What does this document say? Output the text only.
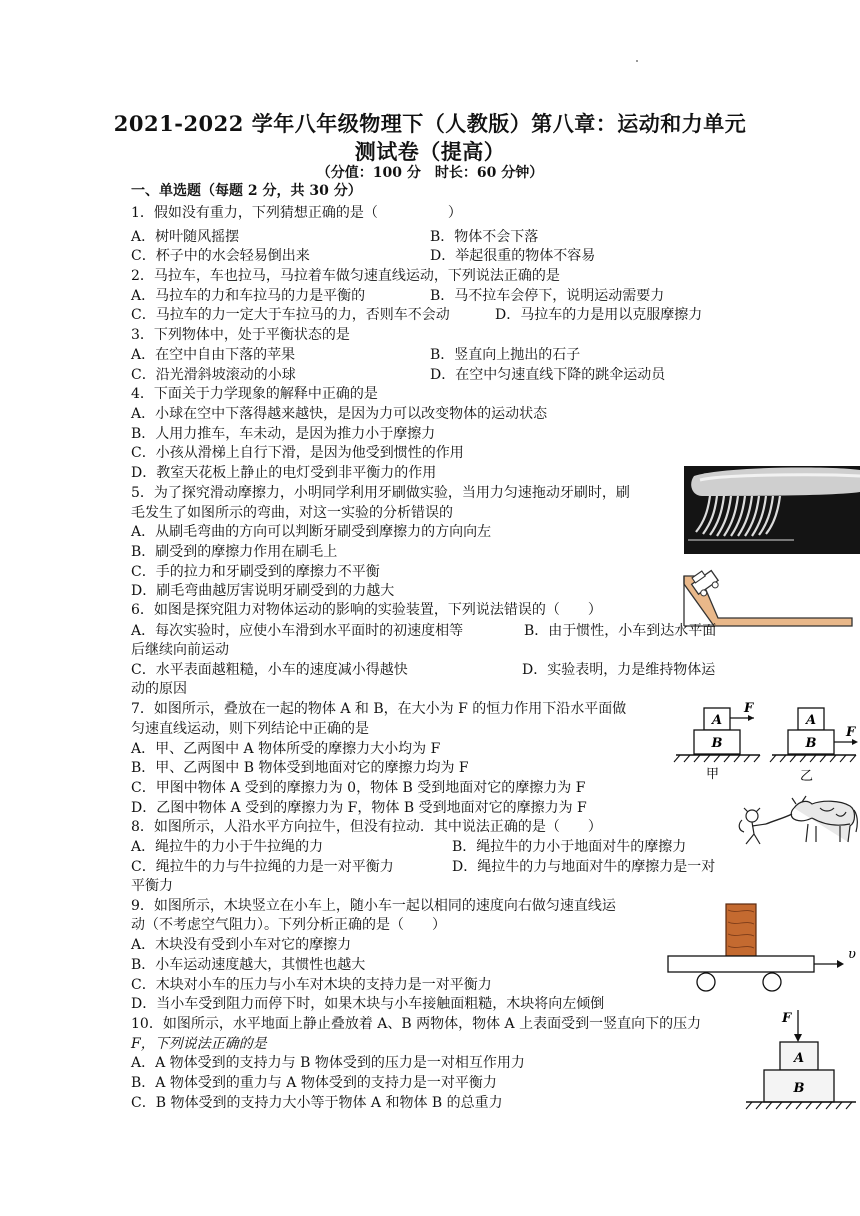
2021-2022 学年八年级物理下（人教版）第八章：运动和力单元
测试卷（提高）
（分值：100 分　时长：60 分钟）
一、单选题（每题 2 分，共 30 分）
1．假如没有重力，下列猜想正确的是（　　　　　）
A．树叶随风摇摆	B．物体不会下落
C．杯子中的水会轻易倒出来	D．举起很重的物体不容易
2．马拉车，车也拉马，马拉着车做匀速直线运动，下列说法正确的是
A．马拉车的力和车拉马的力是平衡的	B．马不拉车会停下，说明运动需要力
C．马拉车的力一定大于车拉马的力，否则车不会动	D．马拉车的力是用以克服摩擦力
3．下列物体中，处于平衡状态的是
A．在空中自由下落的苹果	B．竖直向上抛出的石子
C．沿光滑斜坡滚动的小球	D．在空中匀速直线下降的跳伞运动员
4．下面关于力学现象的解释中正确的是
A．小球在空中下落得越来越快，是因为力可以改变物体的运动状态
B．人用力推车，车未动，是因为推力小于摩擦力
C．小孩从滑梯上自行下滑，是因为他受到惯性的作用
D．教室天花板上静止的电灯受到非平衡力的作用
5．为了探究滑动摩擦力，小明同学利用牙刷做实验，当用力匀速拖动牙刷时，刷
毛发生了如图所示的弯曲，对这一实验的分析错误的
A．从刷毛弯曲的方向可以判断牙刷受到摩擦力的方向向左
B．刷受到的摩擦力作用在刷毛上
C．手的拉力和牙刷受到的摩擦力不平衡
D．刷毛弯曲越厉害说明牙刷受到的力越大
6．如图是探究阻力对物体运动的影响的实验装置，下列说法错误的（　　）
A．每次实验时，应使小车滑到水平面时的初速度相等	B．由于惯性，小车到达水平面
后继续向前运动
C．水平表面越粗糙，小车的速度减小得越快	D．实验表明，力是维持物体运
动的原因
7．如图所示，叠放在一起的物体 A 和 B，在大小为 F 的恒力作用下沿水平面做
匀速直线运动，则下列结论中正确的是
A．甲、乙两图中 A 物体所受的摩擦力大小均为 F
B．甲、乙两图中 B 物体受到地面对它的摩擦力均为 F
C．甲图中物体 A 受到的摩擦力为 0，物体 B 受到地面对它的摩擦力为 F
D．乙图中物体 A 受到的摩擦力为 F，物体 B 受到地面对它的摩擦力为 F
A
B
F
甲
A
B
F
乙
8．如图所示，人沿水平方向拉牛，但没有拉动．其中说法正确的是（　　）
A．绳拉牛的力小于牛拉绳的力	B．绳拉牛的力小于地面对牛的摩擦力
C．绳拉牛的力与牛拉绳的力是一对平衡力	D．绳拉牛的力与地面对牛的摩擦力是一对
平衡力
9．如图所示，木块竖立在小车上，随小车一起以相同的速度向右做匀速直线运
动（不考虑空气阻力）。下列分析正确的是（　　）
A．木块没有受到小车对它的摩擦力
B．小车运动速度越大，其惯性也越大
C．木块对小车的压力与小车对木块的支持力是一对平衡力
D．当小车受到阻力而停下时，如果木块与小车接触面粗糙，木块将向左倾倒
υ
10．如图所示，水平地面上静止叠放着 A、B 两物体，物体 A 上表面受到一竖直向下的压力
F，下列说法正确的是
A．A 物体受到的支持力与 B 物体受到的压力是一对相互作用力
B．A 物体受到的重力与 A 物体受到的支持力是一对平衡力
C．B 物体受到的支持力大小等于物体 A 和物体 B 的总重力
F
A
B
